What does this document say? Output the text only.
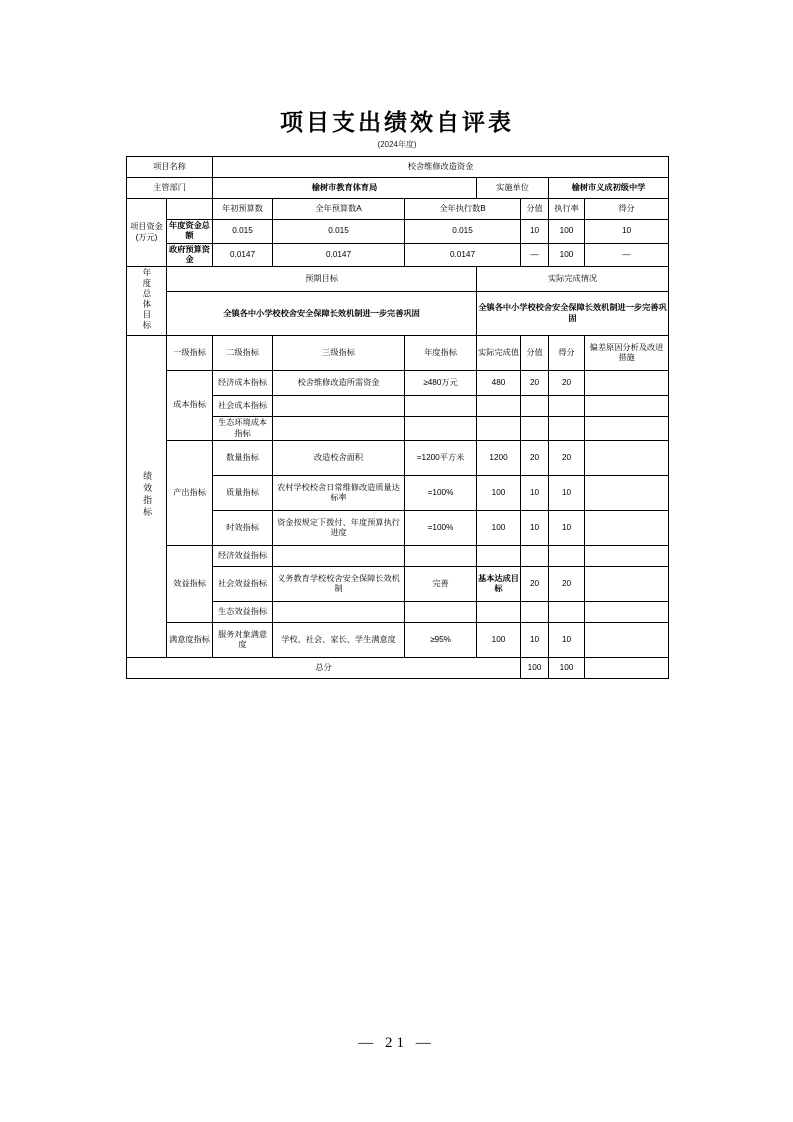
项目支出绩效自评表
(2024年度)
项目名称		校舍维修改造资金						
主管部门		榆树市教育体育局			实施单位		榆树市义成初级中学	

项目资金
(万元)		年初预算数	全年预算数A	全年执行数B		分值	执行率	得分
	年度资金总额	0.015	0.015	0.015		10	100	10
	政府预算资金	0.0147	0.0147	0.0147		—	100	—
年度总体目标	预期目标				实际完成情况			
	全镇各中小学校校舍安全保障长效机制进一步完善巩固				全镇各中小学校校舍安全保障长效机制进一步完善巩固			
绩效指标	一级指标	二级指标	三级指标	年度指标	实际完成值	分值	得分	偏差原因分析及改进措施
	成本指标	经济成本指标	校舍维修改造所需资金	≥480万元	480	20	20	
		社会成本指标						
		生态环境成本指标						
	产出指标	数量指标	改造校舍面积	=1200平方米	1200	20	20	
		质量指标	农村学校校舍日常维修改造质量达标率	=100%	100	10	10	
		时效指标	资金按规定下拨付、年度预算执行进度	=100%	100	10	10	
	效益指标	经济效益指标						
		社会效益指标	义务教育学校校舍安全保障长效机制	完善	基本达成目标	20	20	
		生态效益指标						
	满意度指标	服务对象满意度	学校、社会、家长、学生满意度	≥95%	100	10	10	
总分						100	100	
— 21 —
